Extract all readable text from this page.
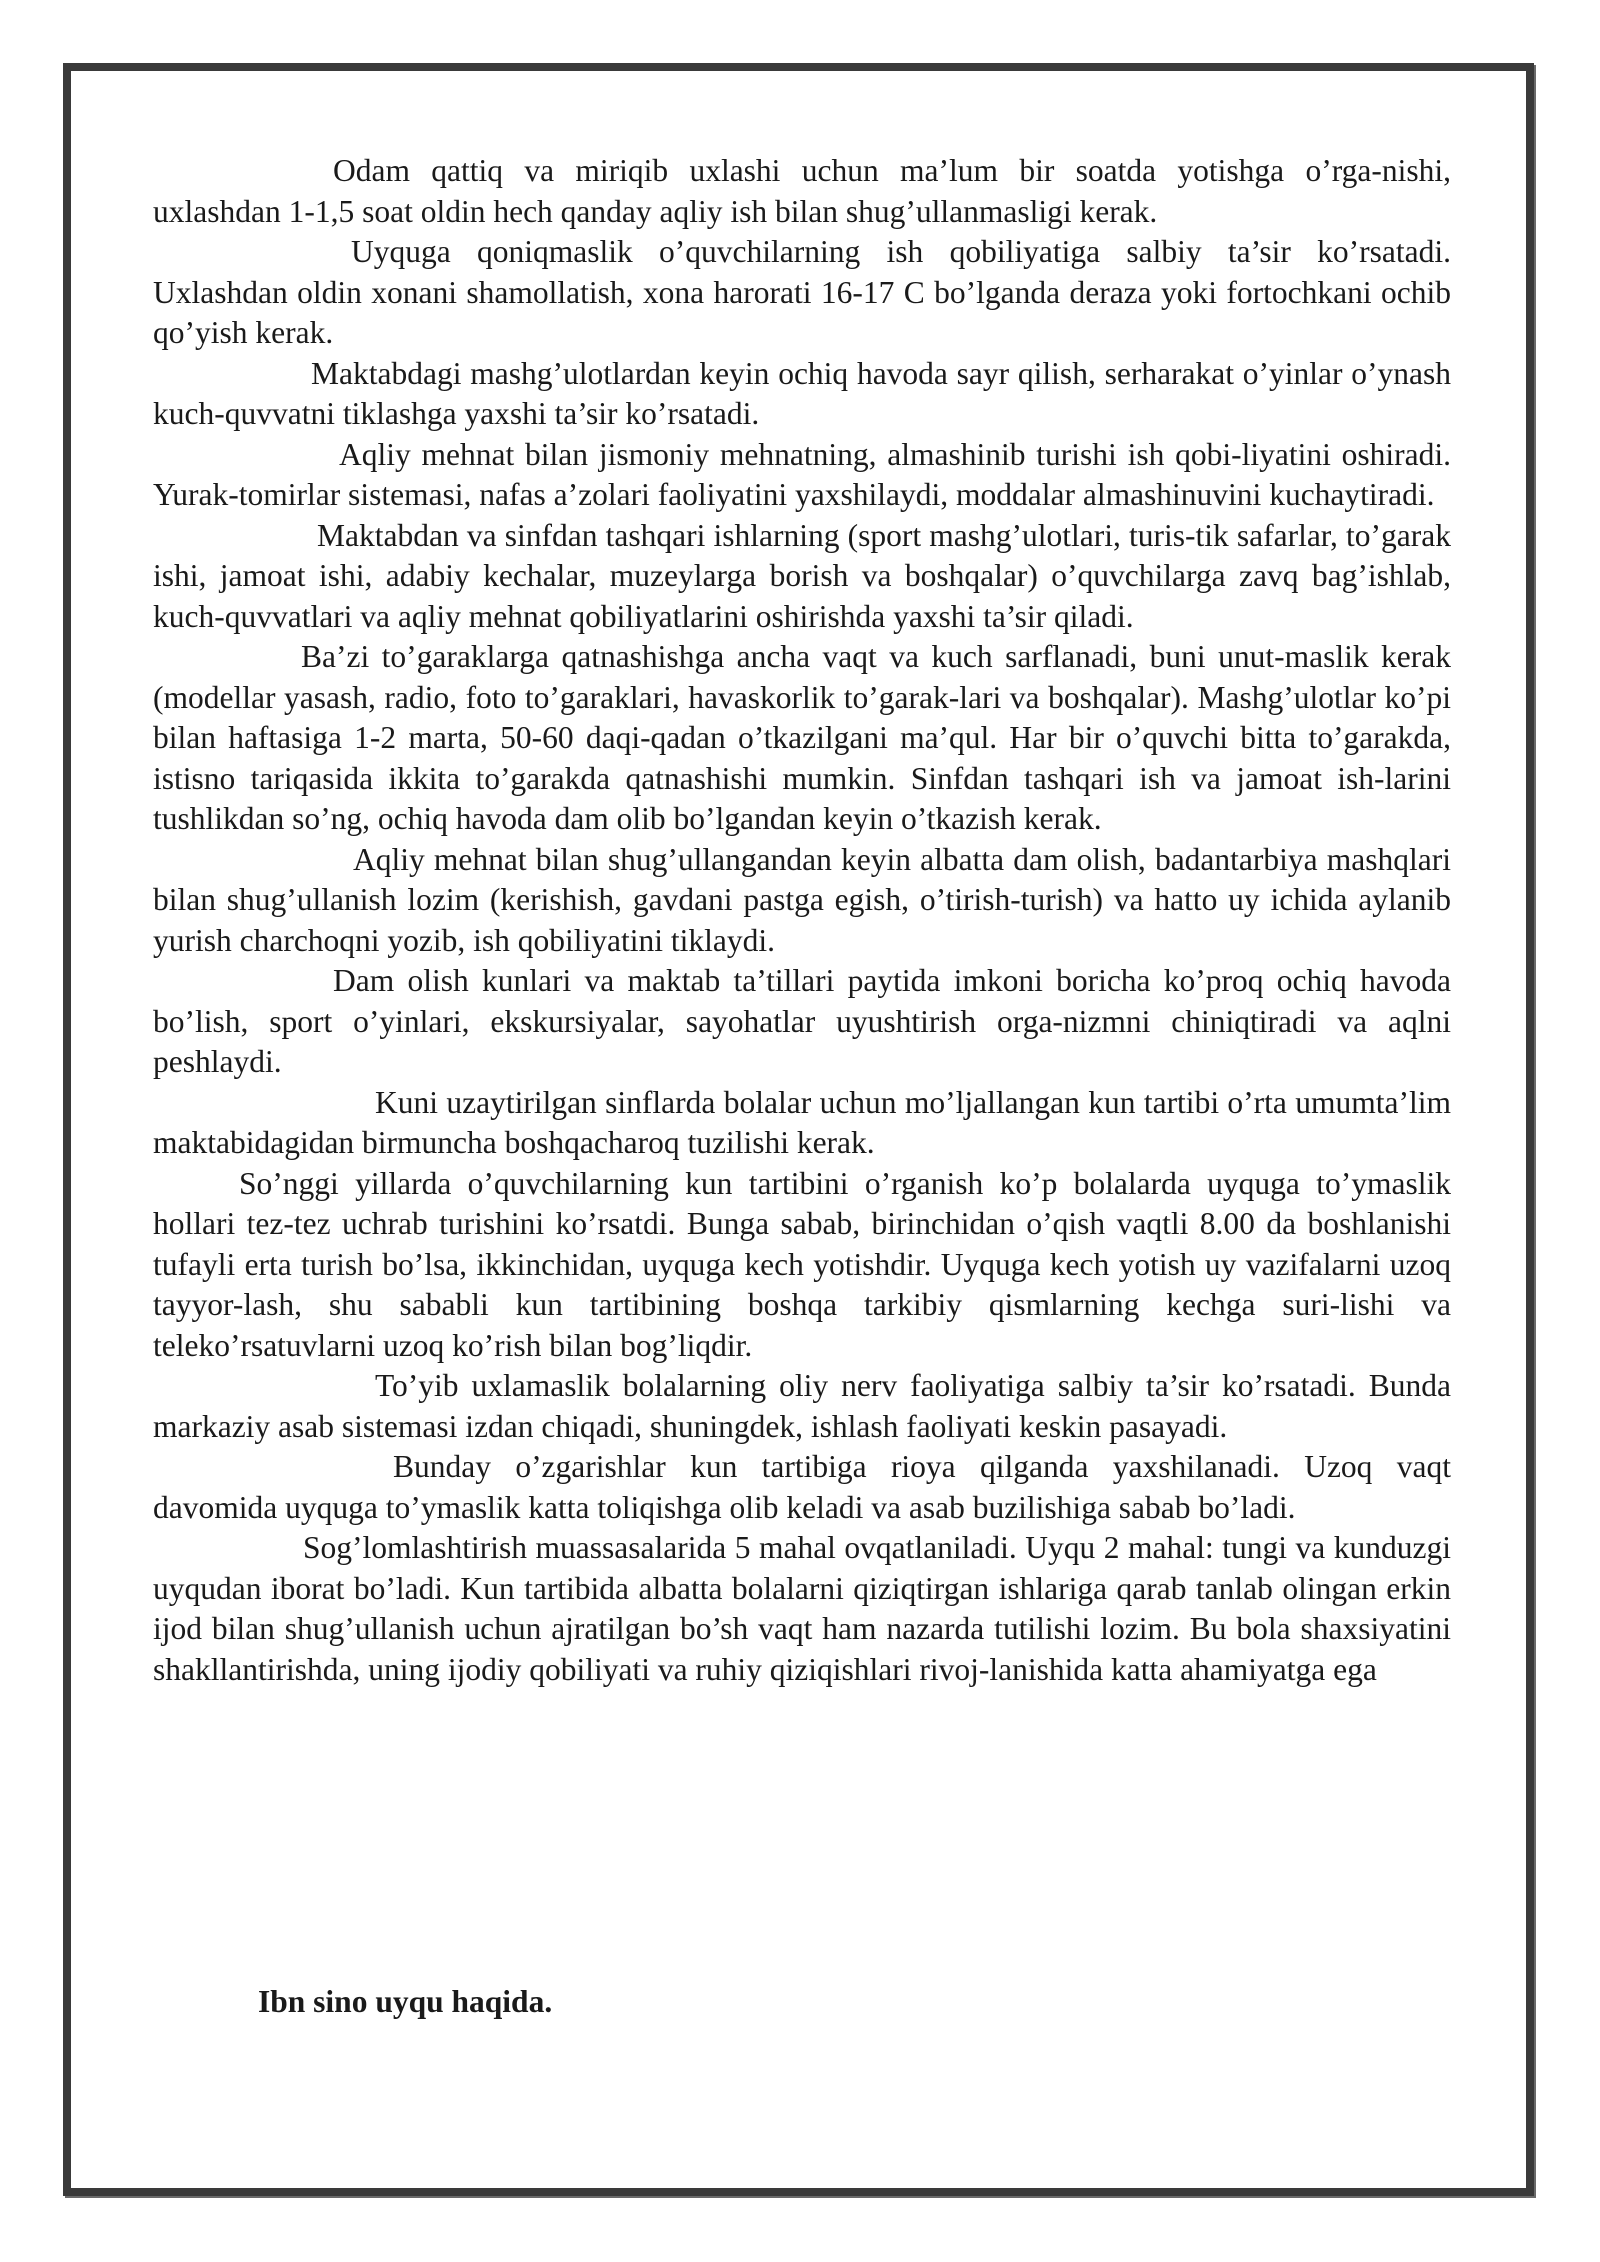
Odam qattiq va miriqib uxlashi uchun ma’lum bir soatda yotishga o’rga-nishi, uxlashdan 1-1,5 soat oldin hech qanday aqliy ish bilan shug’ullanmasligi kerak.

Uyquga qoniqmaslik o’quvchilarning ish qobiliyatiga salbiy ta’sir ko’rsatadi. Uxlashdan oldin xonani shamollatish, xona harorati 16-17 C bo’lganda deraza yoki fortochkani ochib qo’yish kerak.

Maktabdagi mashg’ulotlardan keyin ochiq havoda sayr qilish, serharakat o’yinlar o’ynash kuch-quvvatni tiklashga yaxshi ta’sir ko’rsatadi.

Aqliy mehnat bilan jismoniy mehnatning, almashinib turishi ish qobi-liyatini oshiradi. Yurak-tomirlar sistemasi, nafas a’zolari faoliyatini yaxshilaydi, moddalar almashinuvini kuchaytiradi.

Maktabdan va sinfdan tashqari ishlarning (sport mashg’ulotlari, turis-tik safarlar, to’garak ishi, jamoat ishi, adabiy kechalar, muzeylarga borish va boshqalar) o’quvchilarga zavq bag’ishlab, kuch-quvvatlari va aqliy mehnat qobiliyatlarini oshirishda yaxshi ta’sir qiladi.

Ba’zi to’garaklarga qatnashishga ancha vaqt va kuch sarflanadi, buni unut-maslik kerak (modellar yasash, radio, foto to’garaklari, havaskorlik to’garak-lari va boshqalar). Mashg’ulotlar ko’pi bilan haftasiga 1-2 marta, 50-60 daqi-qadan o’tkazilgani ma’qul. Har bir o’quvchi bitta to’garakda, istisno tariqasida ikkita to’garakda qatnashishi mumkin. Sinfdan tashqari ish va jamoat ish-larini tushlikdan so’ng, ochiq havoda dam olib bo’lgandan keyin o’tkazish kerak.

Aqliy mehnat bilan shug’ullangandan keyin albatta dam olish, badantarbiya mashqlari bilan shug’ullanish lozim (kerishish, gavdani pastga egish, o’tirish-turish) va hatto uy ichida aylanib yurish charchoqni yozib, ish qobiliyatini tiklaydi.

Dam olish kunlari va maktab ta’tillari paytida imkoni boricha ko’proq ochiq havoda bo’lish, sport o’yinlari, ekskursiyalar, sayohatlar uyushtirish orga-nizmni chiniqtiradi va aqlni peshlaydi.

Kuni uzaytirilgan sinflarda bolalar uchun mo’ljallangan kun tartibi o’rta umumta’lim maktabidagidan birmuncha boshqacharoq tuzilishi kerak.

So’nggi yillarda o’quvchilarning kun tartibini o’rganish ko’p bolalarda uyquga to’ymaslik hollari tez-tez uchrab turishini ko’rsatdi. Bunga sabab, birinchidan o’qish vaqtli 8.00 da boshlanishi tufayli erta turish bo’lsa, ikkinchidan, uyquga kech yotishdir. Uyquga kech yotish uy vazifalarni uzoq tayyor-lash, shu sababli kun tartibining boshqa tarkibiy qismlarning kechga suri-lishi va teleko’rsatuvlarni uzoq ko’rish bilan bog’liqdir.

To’yib uxlamaslik bolalarning oliy nerv faoliyatiga salbiy ta’sir ko’rsatadi. Bunda markaziy asab sistemasi izdan chiqadi, shuningdek, ishlash faoliyati keskin pasayadi.

Bunday o’zgarishlar kun tartibiga rioya qilganda yaxshilanadi. Uzoq vaqt davomida uyquga to’ymaslik katta toliqishga olib keladi va asab buzilishiga sabab bo’ladi.

Sog’lomlashtirish muassasalarida 5 mahal ovqatlaniladi. Uyqu 2 mahal: tungi va kunduzgi uyqudan iborat bo’ladi. Kun tartibida albatta bolalarni qiziqtirgan ishlariga qarab tanlab olingan erkin ijod bilan shug’ullanish uchun ajratilgan bo’sh vaqt ham nazarda tutilishi lozim. Bu bola shaxsiyatini shakllantirishda, uning ijodiy qobiliyati va ruhiy qiziqishlari rivoj-lanishida katta ahamiyatga ega

Ibn sino uyqu haqida.
